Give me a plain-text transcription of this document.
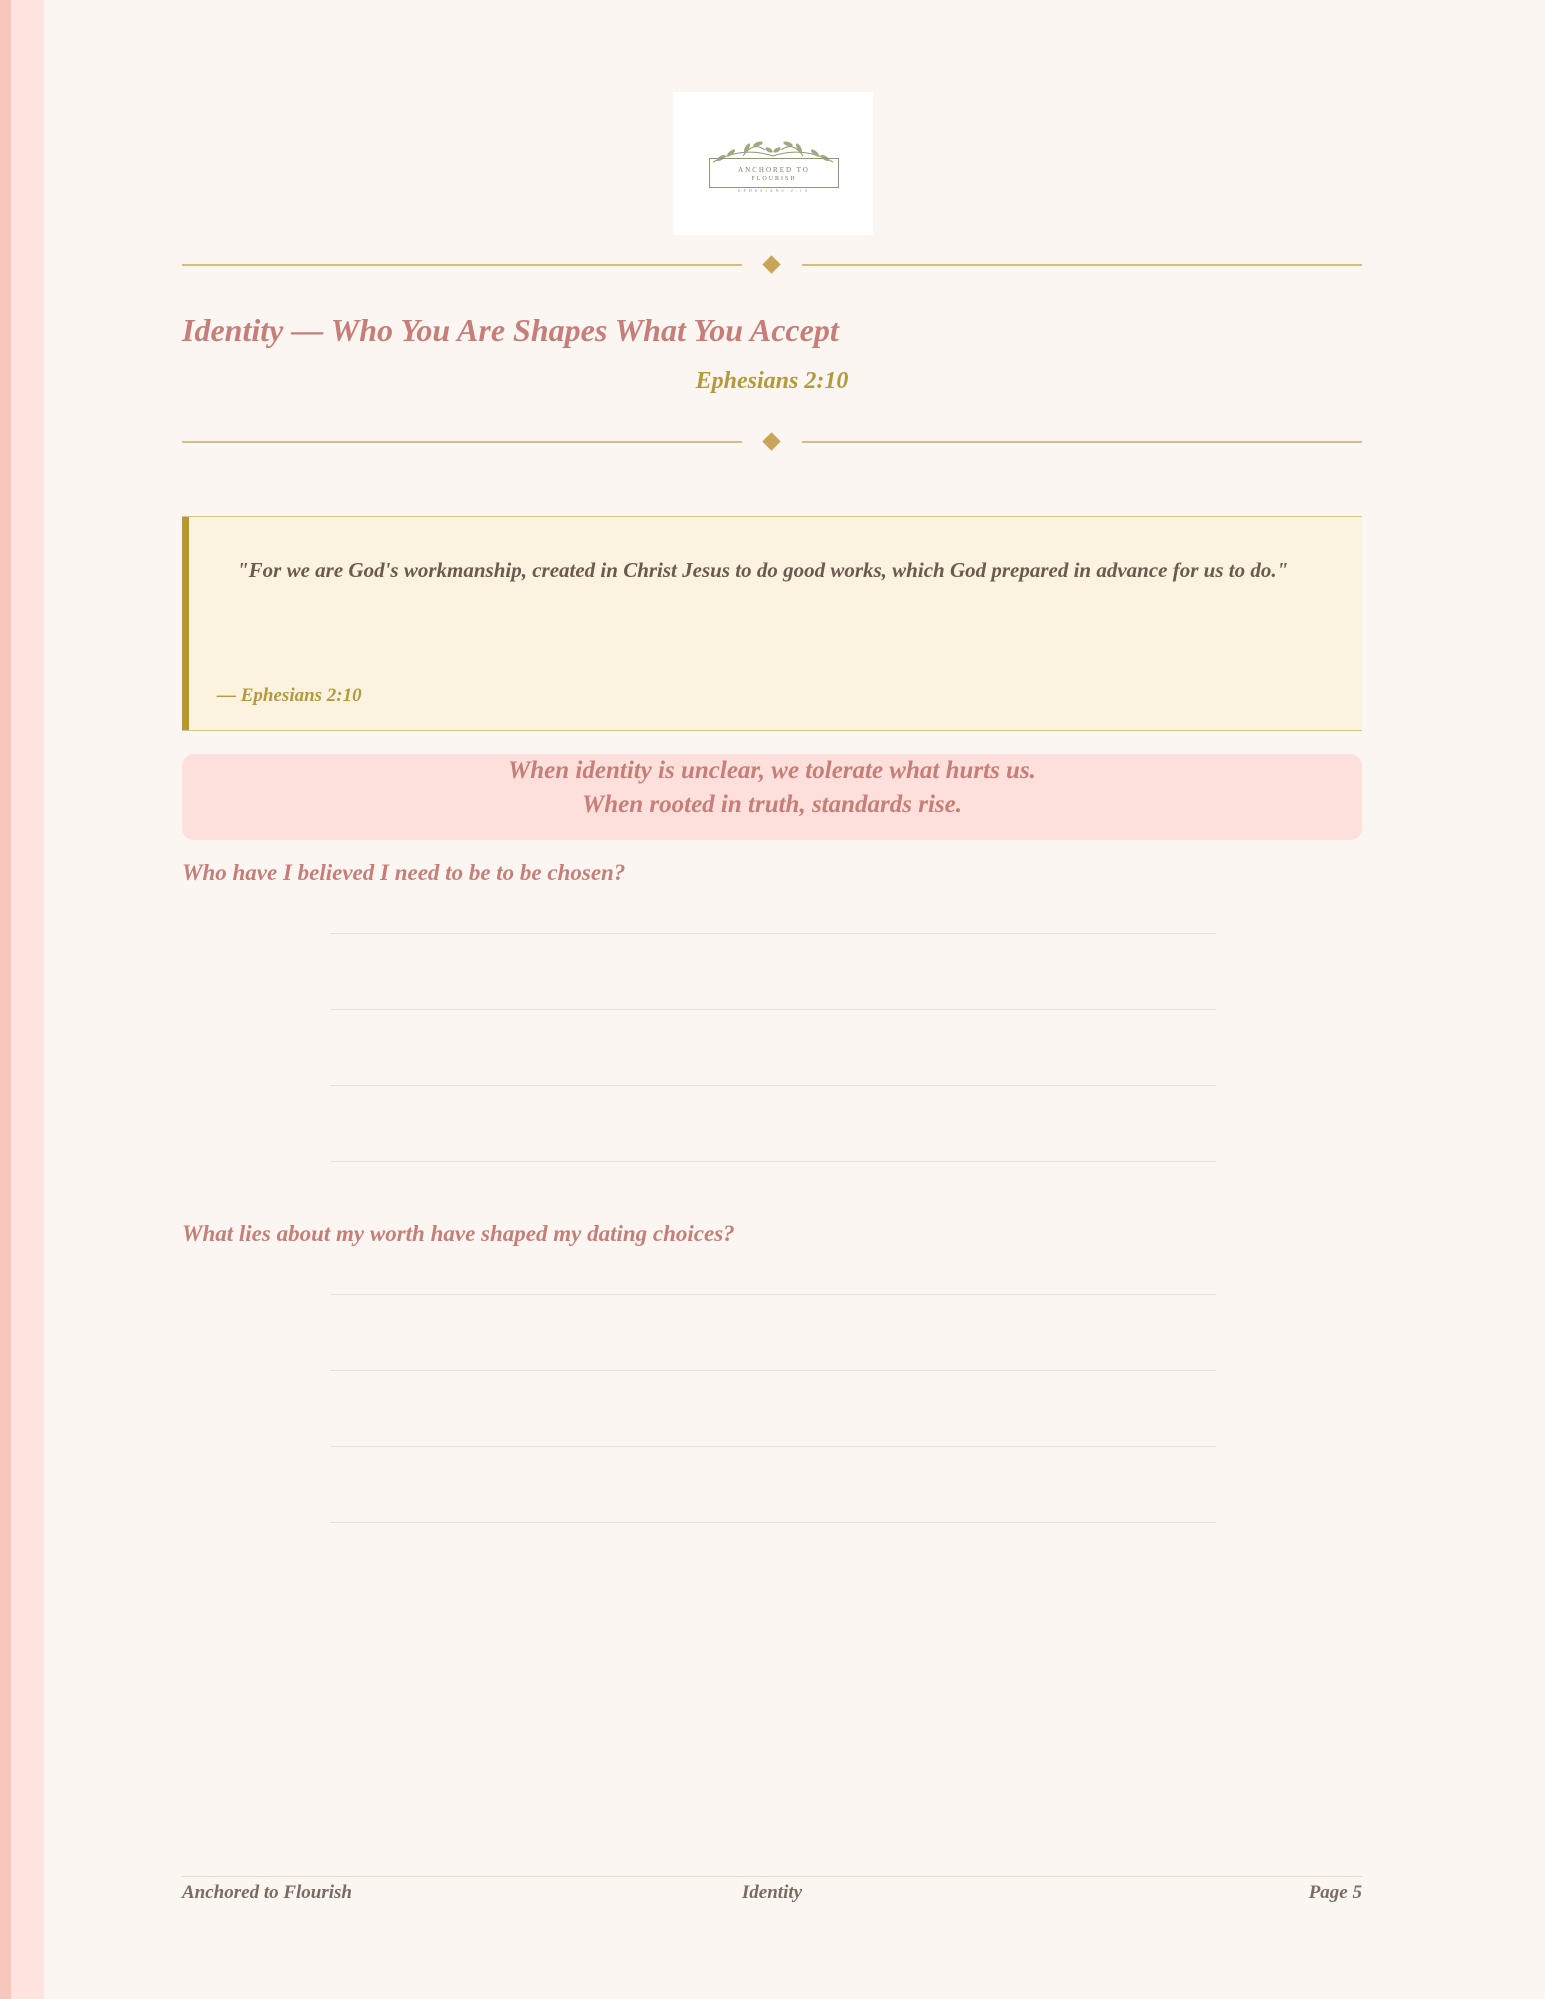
ANCHORED TO
FLOURISH
EPHESIANS 2:10
Identity — Who You Are Shapes What You Accept
Ephesians 2:10

"For we are God's workmanship, created in Christ Jesus to do good works, which God prepared in advance for us to do."

— Ephesians 2:10
When identity is unclear, we tolerate what hurts us.
When rooted in truth, standards rise.

Who have I believed I need to be to be chosen?

What lies about my worth have shaped my dating choices?

Anchored to Flourish	Identity	Page 5
